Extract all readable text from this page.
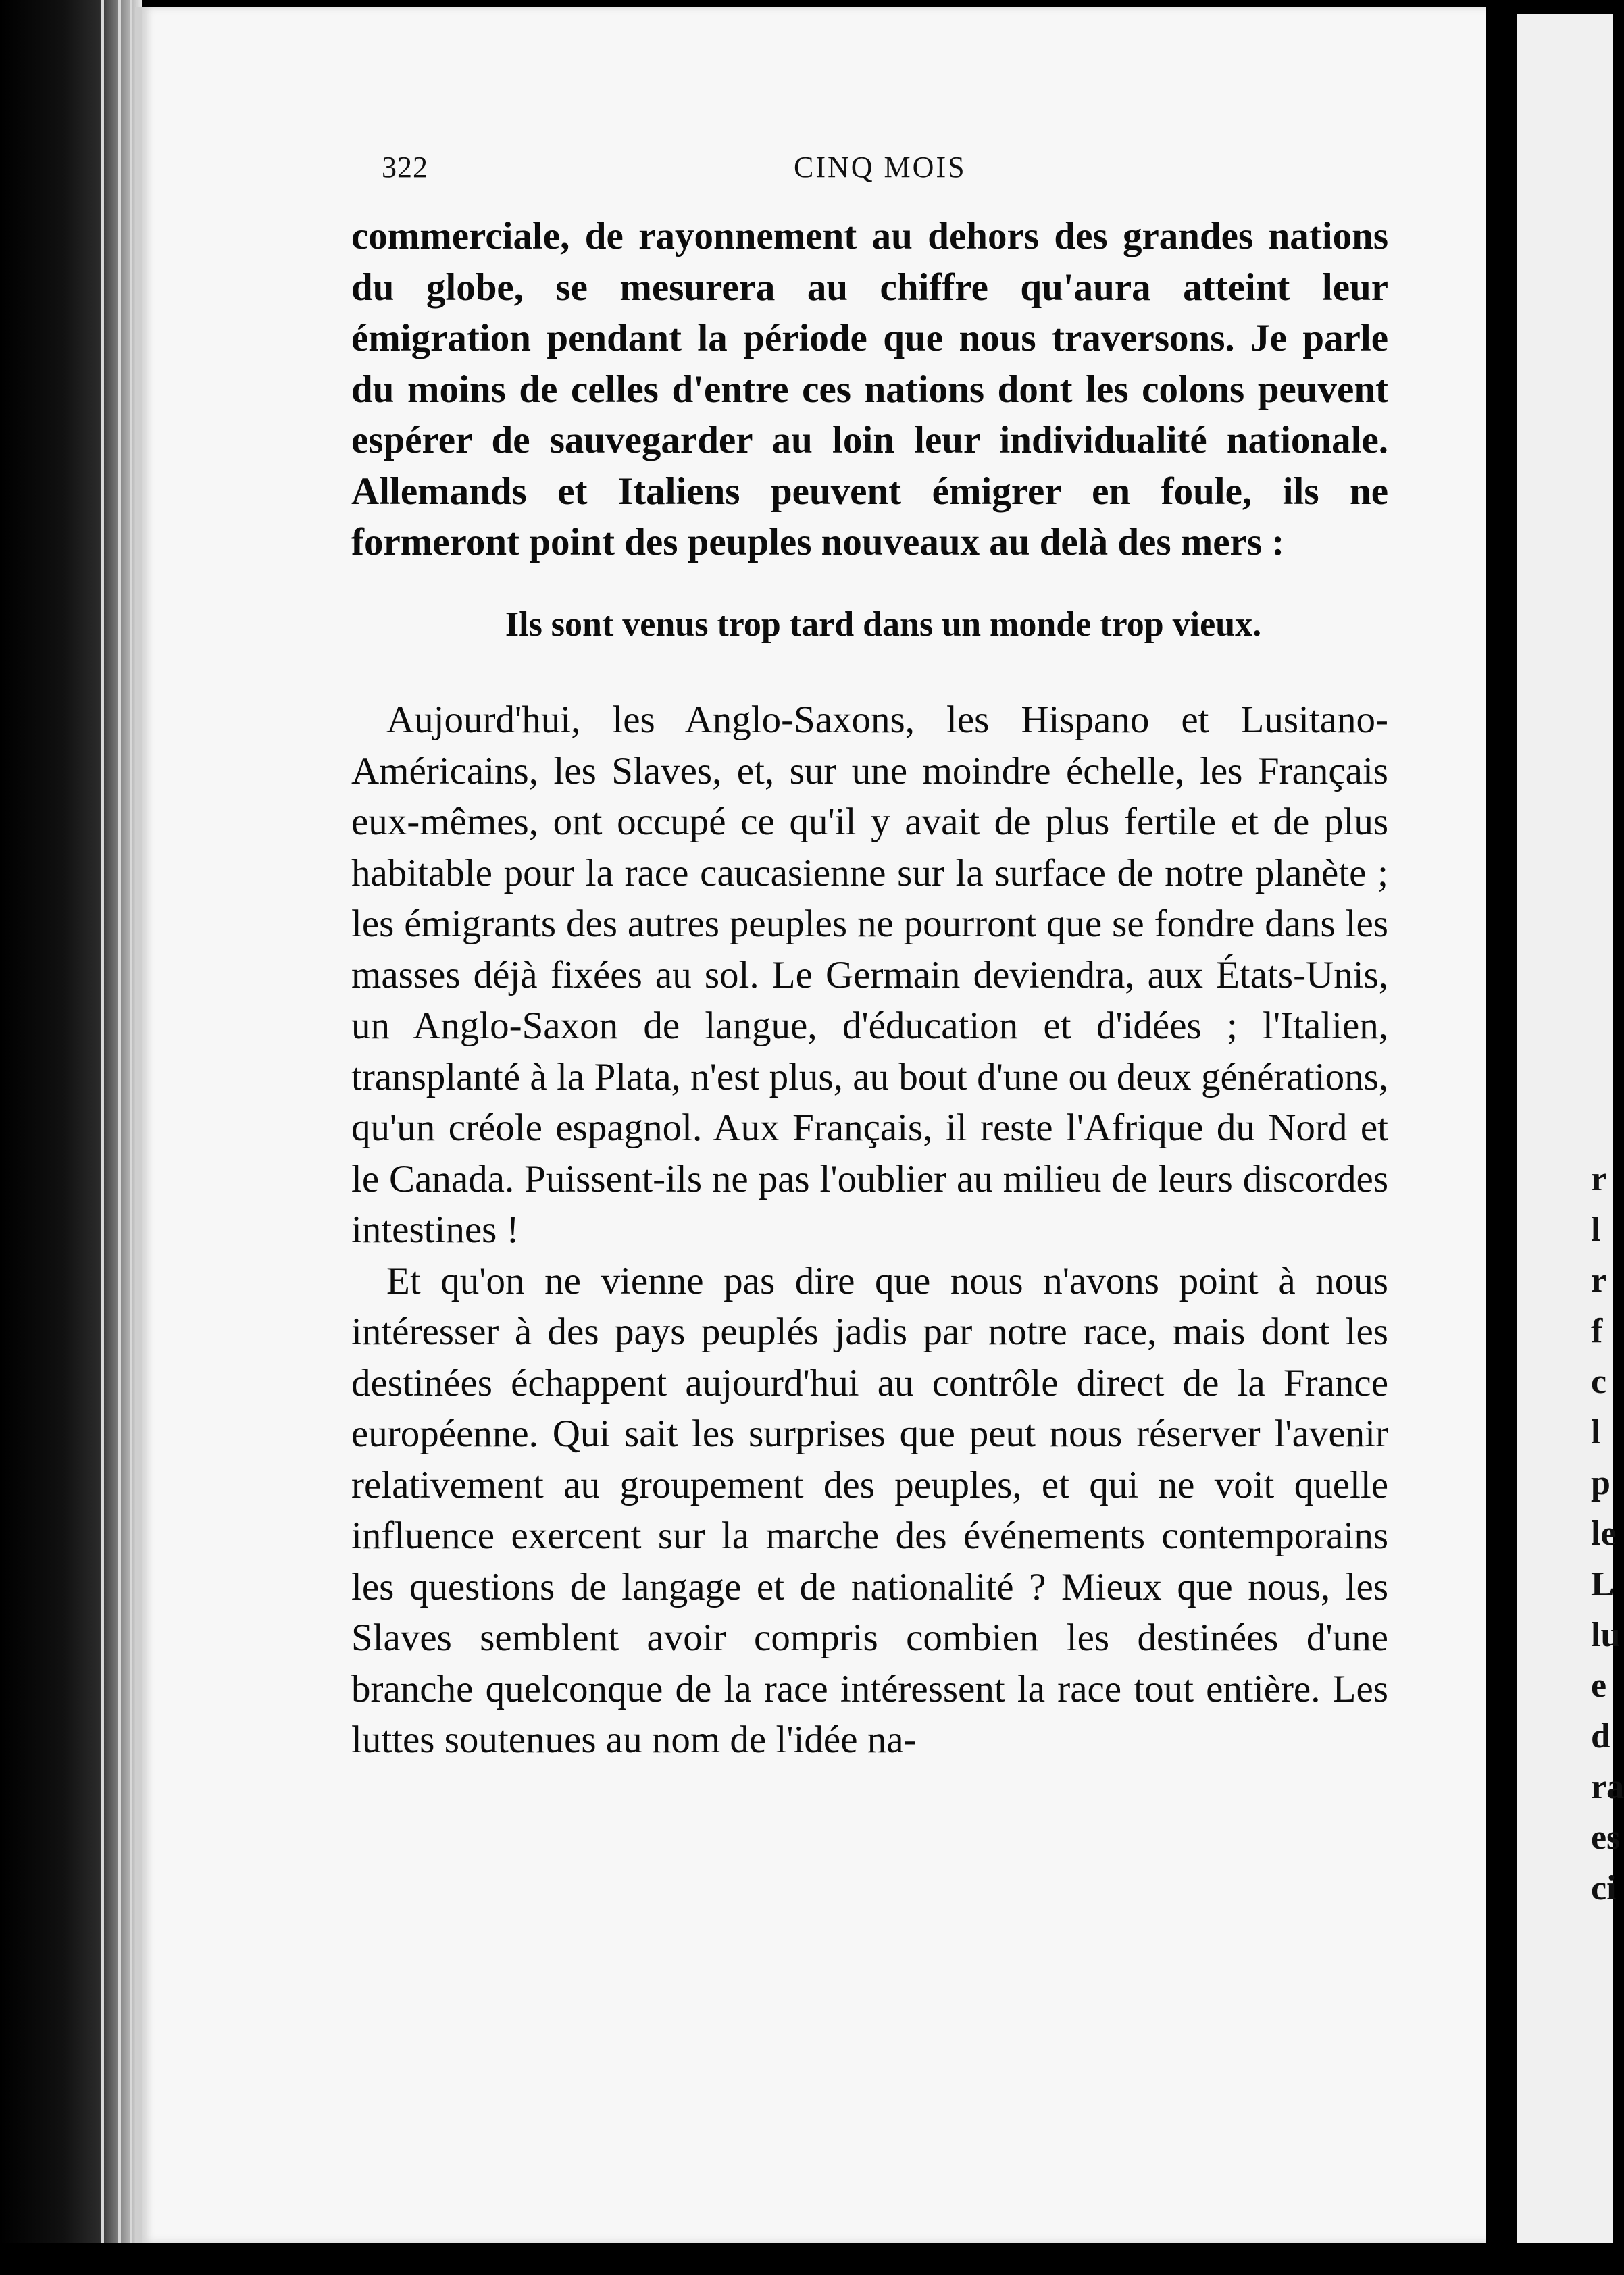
322	CINQ MOIS

commerciale, de rayonnement au dehors des grandes nations du globe, se mesurera au chiffre qu'aura atteint leur émigration pendant la période que nous traversons. Je parle du moins de celles d'entre ces nations dont les colons peuvent espérer de sauvegarder au loin leur individualité nationale. Allemands et Italiens peuvent émigrer en foule, ils ne formeront point des peuples nouveaux au delà des mers :

Ils sont venus trop tard dans un monde trop vieux.

Aujourd'hui, les Anglo-Saxons, les Hispano et Lusitano-Américains, les Slaves, et, sur une moindre échelle, les Français eux-mêmes, ont occupé ce qu'il y avait de plus fertile et de plus habitable pour la race caucasienne sur la surface de notre planète ; les émigrants des autres peuples ne pourront que se fondre dans les masses déjà fixées au sol. Le Germain deviendra, aux États-Unis, un Anglo-Saxon de langue, d'éducation et d'idées ; l'Italien, transplanté à la Plata, n'est plus, au bout d'une ou deux générations, qu'un créole espagnol. Aux Français, il reste l'Afrique du Nord et le Canada. Puissent-ils ne pas l'oublier au milieu de leurs discordes intestines !

Et qu'on ne vienne pas dire que nous n'avons point à nous intéresser à des pays peuplés jadis par notre race, mais dont les destinées échappent aujourd'hui au contrôle direct de la France européenne. Qui sait les surprises que peut nous réserver l'avenir relativement au groupement des peuples, et qui ne voit quelle influence exercent sur la marche des événements contemporains les questions de langage et de nationalité ? Mieux que nous, les Slaves semblent avoir compris combien les destinées d'une branche quelconque de la race intéressent la race tout entière. Les luttes soutenues au nom de l'idée na-

r
l
r
f
c
l
p
le
L
lu
e
d
ra
es
ci
